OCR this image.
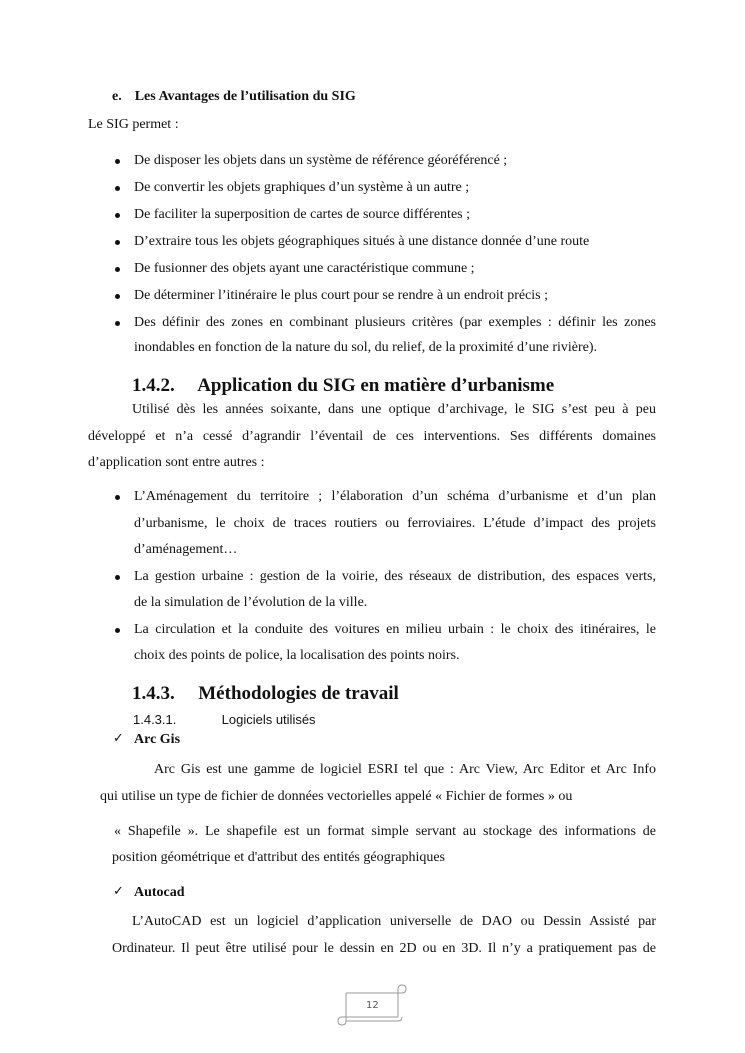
e. Les Avantages de l’utilisation du SIG
Le SIG permet :
De disposer les objets dans un système de référence géoréférencé ;
De convertir les objets graphiques d’un système à un autre ;
De faciliter la superposition de cartes de source différentes ;
D’extraire tous les objets géographiques situés à une distance donnée d’une route
De fusionner des objets ayant une caractéristique commune ;
De déterminer l’itinéraire le plus court pour se rendre à un endroit précis ;
Des définir des zones en combinant plusieurs critères (par exemples : définir les zones
inondables en fonction de la nature du sol, du relief, de la proximité d’une rivière).
1.4.2. Application du SIG en matière d’urbanisme
Utilisé dès les années soixante, dans une optique d’archivage, le SIG s’est peu à peu
développé et n’a cessé d’agrandir l’éventail de ces interventions. Ses différents domaines
d’application sont entre autres :
L’Aménagement du territoire ; l’élaboration d’un schéma d’urbanisme et d’un plan
d’urbanisme, le choix de traces routiers ou ferroviaires. L’étude d’impact des projets
d’aménagement…
La gestion urbaine : gestion de la voirie, des réseaux de distribution, des espaces verts,
de la simulation de l’évolution de la ville.
La circulation et la conduite des voitures en milieu urbain : le choix des itinéraires, le
choix des points de police, la localisation des points noirs.
1.4.3. Méthodologies de travail
1.4.3.1.	Logiciels utilisés
✓ Arc Gis
Arc Gis est une gamme de logiciel ESRI tel que : Arc View, Arc Editor et Arc Info
qui utilise un type de fichier de données vectorielles appelé « Fichier de formes » ou
« Shapefile ». Le shapefile est un format simple servant au stockage des informations de
position géométrique et d'attribut des entités géographiques
✓ Autocad
L’AutoCAD est un logiciel d’application universelle de DAO ou Dessin Assisté par
Ordinateur. Il peut être utilisé pour le dessin en 2D ou en 3D. Il n’y a pratiquement pas de
12
